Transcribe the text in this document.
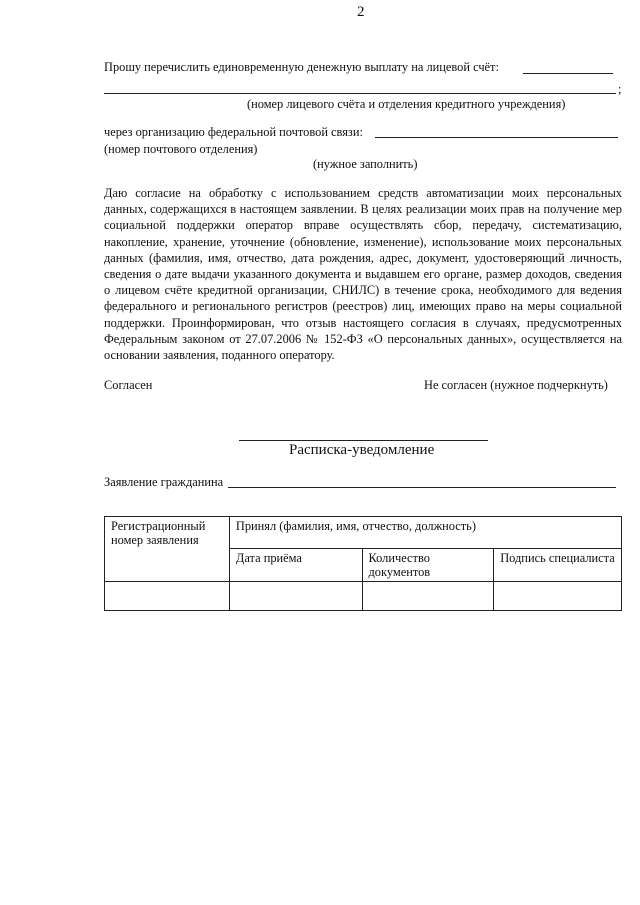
2
Прошу перечислить единовременную денежную выплату на лицевой счёт:
;
(номер лицевого счёта и отделения кредитного учреждения)
через организацию федеральной почтовой связи:
(номер почтового отделения)
(нужное заполнить)
Даю согласие на обработку с использованием средств автоматизации моих персональных данных, содержащихся в настоящем заявлении. В целях реализации моих прав на получение мер социальной поддержки оператор вправе осуществлять сбор, передачу, систематизацию, накопление, хранение, уточнение (обновление, изменение), использование моих персональных данных (фамилия, имя, отчество, дата рождения, адрес, документ, удостоверяющий личность, сведения о дате выдачи указанного документа и выдавшем его органе, размер доходов, сведения о лицевом счёте кредитной организации, СНИЛС) в течение срока, необходимого для ведения федерального и регионального регистров (реестров) лиц, имеющих право на меры социальной поддержки. Проинформирован, что отзыв настоящего согласия в случаях, предусмотренных Федеральным законом от 27.07.2006 № 152-ФЗ «О персональных данных», осуществляется на основании заявления, поданного оператору.
Согласен	Не согласен (нужное подчеркнуть)
Расписка-уведомление
Заявление гражданина
Регистрационный номер заявления	Принял (фамилия, имя, отчество, должность)		
	Дата приёма	Количество документов	Подпись специалиста
